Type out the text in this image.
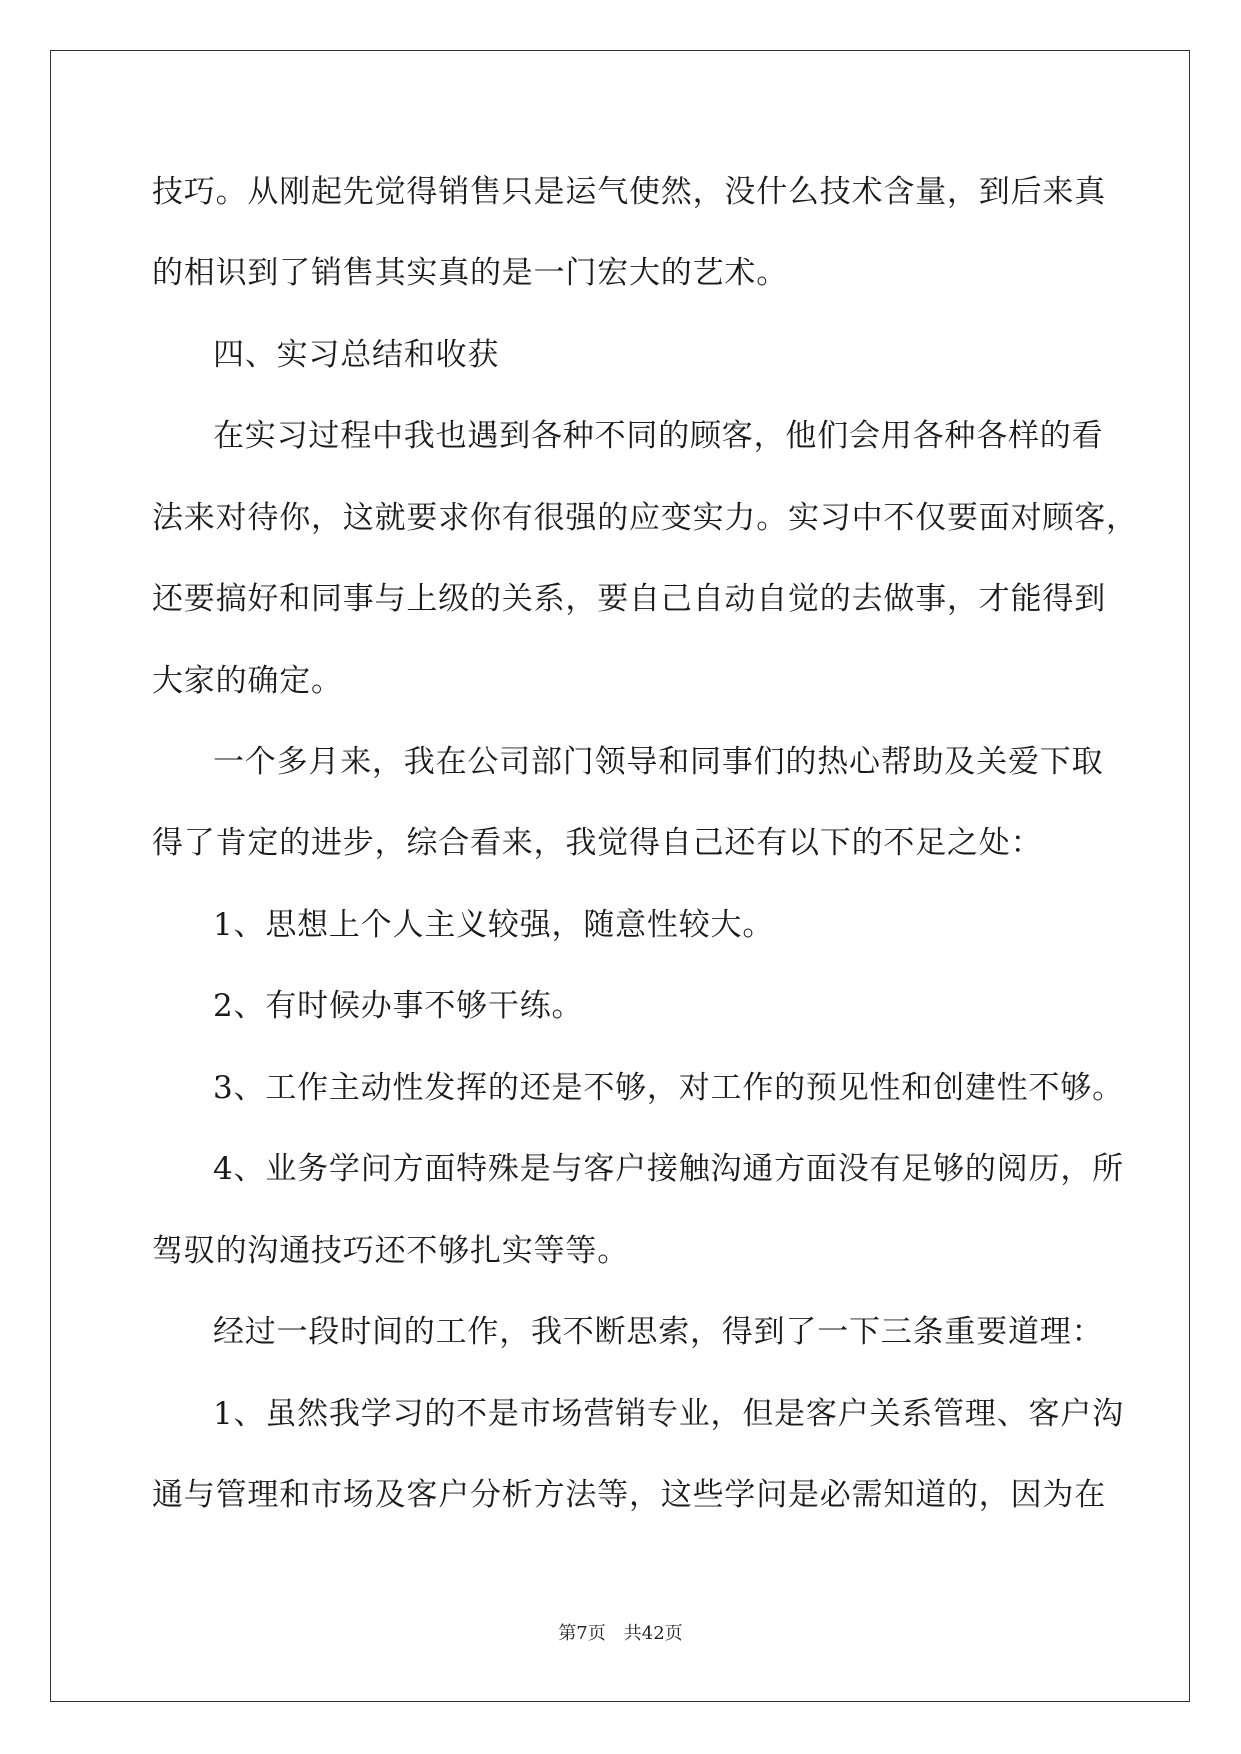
技巧。从刚起先觉得销售只是运气使然，没什么技术含量，到后来真
的相识到了销售其实真的是一门宏大的艺术。
四、实习总结和收获
在实习过程中我也遇到各种不同的顾客，他们会用各种各样的看
法来对待你，这就要求你有很强的应变实力。实习中不仅要面对顾客，
还要搞好和同事与上级的关系，要自己自动自觉的去做事，才能得到
大家的确定。
一个多月来，我在公司部门领导和同事们的热心帮助及关爱下取
得了肯定的进步，综合看来，我觉得自己还有以下的不足之处：
1、思想上个人主义较强，随意性较大。
2、有时候办事不够干练。
3、工作主动性发挥的还是不够，对工作的预见性和创建性不够。
4、业务学问方面特殊是与客户接触沟通方面没有足够的阅历，所
驾驭的沟通技巧还不够扎实等等。
经过一段时间的工作，我不断思索，得到了一下三条重要道理：
1、虽然我学习的不是市场营销专业，但是客户关系管理、客户沟
通与管理和市场及客户分析方法等，这些学问是必需知道的，因为在
第7页 共42页
